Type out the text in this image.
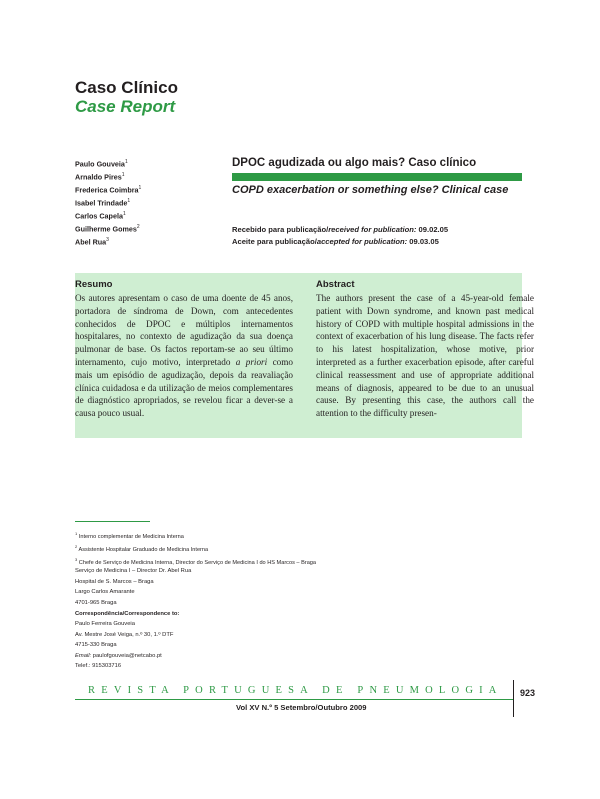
Caso Clínico
Case Report
Paulo Gouveia$^1$
Arnaldo Pires$^1$
Frederica Coimbra$^1$
Isabel Trindade$^1$
Carlos Capela$^1$
Guilherme Gomes$^2$
Abel Rua$^3$
DPOC agudizada ou algo mais? Caso clínico
COPD exacerbation or something else? Clinical case
Recebido para publicação/received for publication: 09.02.05
Aceite para publicação/accepted for publication: 09.03.05
Resumo

Os autores apresentam o caso de uma doente de 45 anos, portadora de síndroma de Down, com antecedentes conhecidos de DPOC e múltiplos internamentos hospitalares, no contexto de agudização da sua doença pulmonar de base. Os factos reportam-se ao seu último internamento, cujo motivo, interpretado a priori como mais um episódio de agudização, depois da reavaliação clínica cuidadosa e da utilização de meios complementares de diagnóstico apropriados, se revelou ficar a dever-se a causa pouco usual.

Abstract

The authors present the case of a 45-year-old female patient with Down syndrome, and known past medical history of COPD with multiple hospital admissions in the context of exacerbation of his lung disease. The facts refer to his latest hospitalization, whose motive, prior interpreted as a further exacerbation episode, after careful clinical reassessment and use of appropriate additional means of diagnosis, appeared to be due to an unusual cause. By presenting this case, the authors call the attention to the difficulty presen-

$^1$ Interno complementar de Medicina Interna
$^2$ Assistente Hospitalar Graduado de Medicina Interna
$^3$ Chefe de Serviço de Medicina Interna, Director do Serviço de Medicina I do HS Marcos – Braga
Serviço de Medicina I – Director Dr. Abel Rua
Hospital de S. Marcos – Braga
Largo Carlos Amarante
4701-965 Braga
Correspondência/Correspondence to:
Paulo Ferreira Gouveia
Av. Mestre José Veiga, n.º 30, 1.º DTF
4715-330 Braga
Email: paulofgouveia@netcabo.pt
Telef.: 915303716
REVISTA PORTUGUESA DE PNEUMOLOGIA 923
Vol XV N.º 5 Setembro/Outubro 2009
